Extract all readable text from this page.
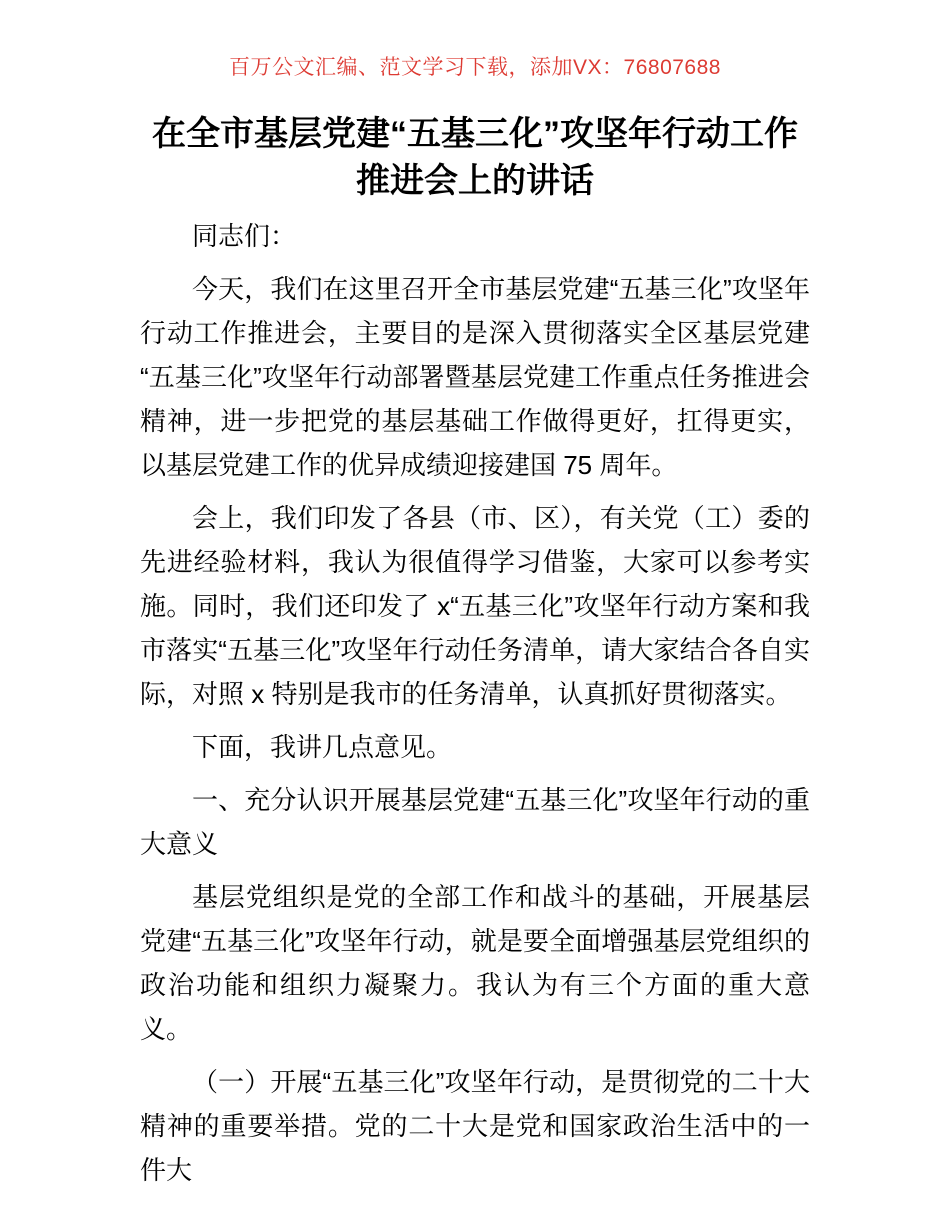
百万公文汇编、范文学习下载，添加VX：76807688
在全市基层党建“五基三化”攻坚年行动工作
推进会上的讲话

同志们：

今天，我们在这里召开全市基层党建“五基三化”攻坚年行动工作推进会，主要目的是深入贯彻落实全区基层党建“五基三化”攻坚年行动部署暨基层党建工作重点任务推进会精神，进一步把党的基层基础工作做得更好，扛得更实，以基层党建工作的优异成绩迎接建国 75 周年。

会上，我们印发了各县（市、区），有关党（工）委的先进经验材料，我认为很值得学习借鉴，大家可以参考实施。同时，我们还印发了 x“五基三化”攻坚年行动方案和我市落实“五基三化”攻坚年行动任务清单，请大家结合各自实际，对照 x 特别是我市的任务清单，认真抓好贯彻落实。

下面，我讲几点意见。

一、充分认识开展基层党建“五基三化”攻坚年行动的重大意义

基层党组织是党的全部工作和战斗的基础，开展基层党建“五基三化”攻坚年行动，就是要全面增强基层党组织的政治功能和组织力凝聚力。我认为有三个方面的重大意义。

（一）开展“五基三化”攻坚年行动，是贯彻党的二十大精神的重要举措。党的二十大是党和国家政治生活中的一件大
